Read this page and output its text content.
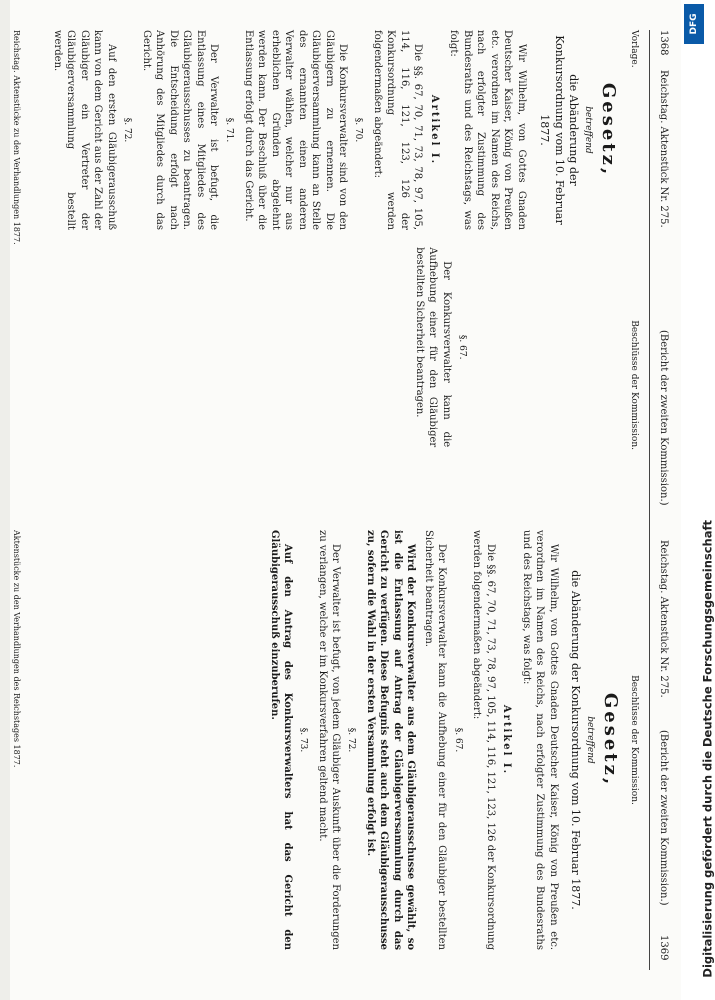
1368
Reichstag. Aktenstück Nr. 275.
(Bericht der zweiten Kommission.)
Reichstag. Aktenstück Nr. 275.
(Bericht der zweiten Kommission.)
1369
Vorlage.
Beschlüsse der Kommission.
Gesetz,
betreffend
die Abänderung der Konkursordnung vom 10. Februar 1877.

Wir Wilhelm, von Gottes Gnaden Deutscher Kaiser, König von Preußen etc. verordnen im Namen des Reichs, nach erfolgter Zustimmung des Bundesraths und des Reichstags, was folgt:

Artikel I.

Die §§. 67, 70, 71, 73, 78, 97, 105, 114, 116, 121, 123, 126 der Konkursordnung werden folgendermaßen abgeändert:

§. 70.

Die Konkursverwalter sind von den Gläubigern zu ernennen. Die Gläubigerversammlung kann an Stelle des ernannten einen anderen Verwalter wählen, welcher nur aus erheblichen Gründen abgelehnt werden kann. Der Beschluß über die Entlassung erfolgt durch das Gericht.

§. 71.

Der Verwalter ist befugt, die Entlassung eines Mitgliedes des Gläubigerausschusses zu beantragen. Die Entscheidung erfolgt nach Anhörung des Mitgliedes durch das Gericht.

§. 72.

Auf den ersten Gläubigerausschuß kann von dem Gericht aus der Zahl der Gläubiger ein Vertreter der Gläubigerversammlung bestellt werden.

§. 67.

Der Konkursverwalter kann die Aufhebung einer für den Gläubiger bestellten Sicherheit beantragen.

Reichstag. Aktenstücke zu den Verhandlungen 1877.
Beschlüsse der Kommission.
Gesetz,
betreffend
die Abänderung der Konkursordnung vom 10. Februar 1877.

Wir Wilhelm, von Gottes Gnaden Deutscher Kaiser, König von Preußen etc. verordnen im Namen des Reichs, nach erfolgter Zustimmung des Bundesraths und des Reichstags, was folgt:

Artikel I.

Die §§. 67, 70, 71, 73, 78, 97, 105, 114, 116, 121, 123, 126 der Konkursordnung werden folgendermaßen abgeändert:

§. 67.

Der Konkursverwalter kann die Aufhebung einer für den Gläubiger bestellten Sicherheit beantragen.

Wird der Konkursverwalter aus dem Gläubigerausschusse gewählt, so ist die Entlassung auf Antrag der Gläubigerversammlung durch das Gericht zu verfügen. Diese Befugnis steht auch dem Gläubigerausschusse zu, sofern die Wahl in der ersten Versammlung erfolgt ist.

§. 72.

Der Verwalter ist befugt, von jedem Gläubiger Auskunft über die Forderungen zu verlangen, welche er im Konkursverfahren geltend macht.

§. 73.

Auf den Antrag des Konkursverwalters hat das Gericht den Gläubigerausschuß einzuberufen.

Aktenstücke zu den Verhandlungen des Reichstages 1877.
DFG
Digitalisierung gefördert durch die Deutsche Forschungsgemeinschaft
